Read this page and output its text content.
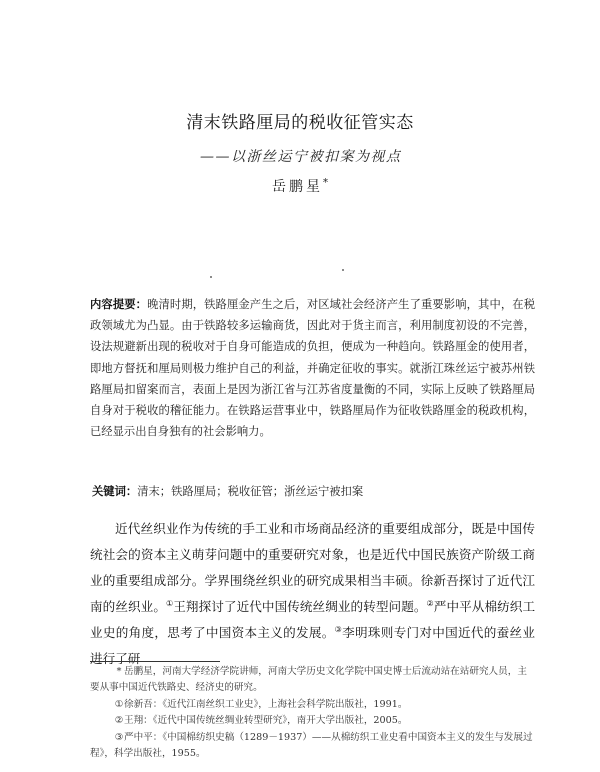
清末铁路厘局的税收征管实态
——以浙丝运宁被扣案为视点
岳鹏星*
内容提要：晚清时期，铁路厘金产生之后，对区域社会经济产生了重要影响，其中，在税政领域尤为凸显。由于铁路较多运输商货，因此对于货主而言，利用制度初设的不完善，设法规避新出现的税收对于自身可能造成的负担，便成为一种趋向。铁路厘金的使用者，即地方督抚和厘局则极力维护自己的利益，并确定征收的事实。就浙江珠丝运宁被苏州铁路厘局扣留案而言，表面上是因为浙江省与江苏省度量衡的不同，实际上反映了铁路厘局自身对于税收的稽征能力。在铁路运营事业中，铁路厘局作为征收铁路厘金的税政机构，已经显示出自身独有的社会影响力。
关键词：清末；铁路厘局；税收征管；浙丝运宁被扣案
近代丝织业作为传统的手工业和市场商品经济的重要组成部分，既是中国传统社会的资本主义萌芽问题中的重要研究对象，也是近代中国民族资产阶级工商业的重要组成部分。学界围绕丝织业的研究成果相当丰硕。徐新吾探讨了近代江南的丝织业。①王翔探讨了近代中国传统丝绸业的转型问题。②严中平从棉纺织工业史的角度，思考了中国资本主义的发展。③李明珠则专门对中国近代的蚕丝业进行了研

* 岳鹏星，河南大学经济学院讲师，河南大学历史文化学院中国史博士后流动站在站研究人员，主要从事中国近代铁路史、经济史的研究。

①徐新吾：《近代江南丝织工业史》，上海社会科学院出版社，1991。

②王翔：《近代中国传统丝绸业转型研究》，南开大学出版社，2005。

③严中平：《中国棉纺织史稿（1289－1937）——从棉纺织工业史看中国资本主义的发生与发展过程》，科学出版社，1955。
